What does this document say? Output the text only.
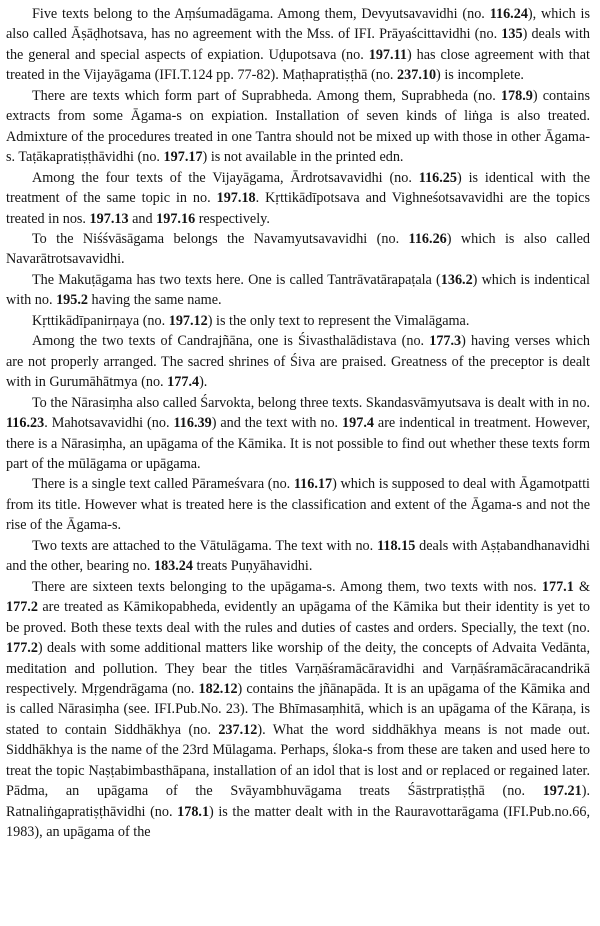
Five texts belong to the Aṃśumadāgama. Among them, Devyutsavavidhi (no. 116.24), which is also called Āṣāḍhotsava, has no agreement with the Mss. of IFI. Prāyaścittavidhi (no. 135) deals with the general and special aspects of expiation. Uḍupotsava (no. 197.11) has close agreement with that treated in the Vijayāgama (IFI.T.124 pp. 77-82). Maṭhapratiṣṭhā (no. 237.10) is incomplete.

There are texts which form part of Suprabheda. Among them, Suprabheda (no. 178.9) contains extracts from some Āgama-s on expiation. Installation of seven kinds of liṅga is also treated. Admixture of the procedures treated in one Tantra should not be mixed up with those in other Āgama-s. Taṭākapratiṣṭhāvidhi (no. 197.17) is not available in the printed edn.

Among the four texts of the Vijayāgama, Ārdrotsavavidhi (no. 116.25) is identical with the treatment of the same topic in no. 197.18. Kṛttikādīpotsava and Vighneśotsavavidhi are the topics treated in nos. 197.13 and 197.16 respectively.

To the Niśśvāsāgama belongs the Navamyutsavavidhi (no. 116.26) which is also called Navarātrotsavavidhi.

The Makuṭāgama has two texts here. One is called Tantrāvatārapaṭala (136.2) which is indentical with no. 195.2 having the same name.

Kṛttikādīpanirṇaya (no. 197.12) is the only text to represent the Vimalāgama.

Among the two texts of Candrajñāna, one is Śivasthalādistava (no. 177.3) having verses which are not properly arranged. The sacred shrines of Śiva are praised. Greatness of the preceptor is dealt with in Gurumāhātmya (no. 177.4).

To the Nārasiṃha also called Śarvokta, belong three texts. Skandasvāmyutsava is dealt with in no. 116.23. Mahotsavavidhi (no. 116.39) and the text with no. 197.4 are indentical in treatment. However, there is a Nārasiṃha, an upāgama of the Kāmika. It is not possible to find out whether these texts form part of the mūlāgama or upāgama.

There is a single text called Pārameśvara (no. 116.17) which is supposed to deal with Āgamotpatti from its title. However what is treated here is the classification and extent of the Āgama-s and not the rise of the Āgama-s.

Two texts are attached to the Vātulāgama. The text with no. 118.15 deals with Aṣṭabandhanavidhi and the other, bearing no. 183.24 treats Puṇyāhavidhi.

There are sixteen texts belonging to the upāgama-s. Among them, two texts with nos. 177.1 & 177.2 are treated as Kāmikopabheda, evidently an upāgama of the Kāmika but their identity is yet to be proved. Both these texts deal with the rules and duties of castes and orders. Specially, the text (no. 177.2) deals with some additional matters like worship of the deity, the concepts of Advaita Vedānta, meditation and pollution. They bear the titles Varṇāśramācāravidhi and Varṇāśramācāracandrikā respectively. Mṛgendrāgama (no. 182.12) contains the jñānapāda. It is an upāgama of the Kāmika and is called Nārasiṃha (see. IFI.Pub.No. 23). The Bhīmasaṃhitā, which is an upāgama of the Kāraṇa, is stated to contain Siddhākhya (no. 237.12). What the word siddhākhya means is not made out. Siddhākhya is the name of the 23rd Mūlagama. Perhaps, śloka-s from these are taken and used here to treat the topic Naṣṭabimbasthāpana, installation of an idol that is lost and or replaced or regained later. Pādma, an upāgama of the Svāyambhuvāgama treats Śāstrpratiṣṭhā (no. 197.21). Ratnaliṅgapratiṣṭhāvidhi (no. 178.1) is the matter dealt with in the Rauravottarāgama (IFI.Pub.no.66, 1983), an upāgama of the
